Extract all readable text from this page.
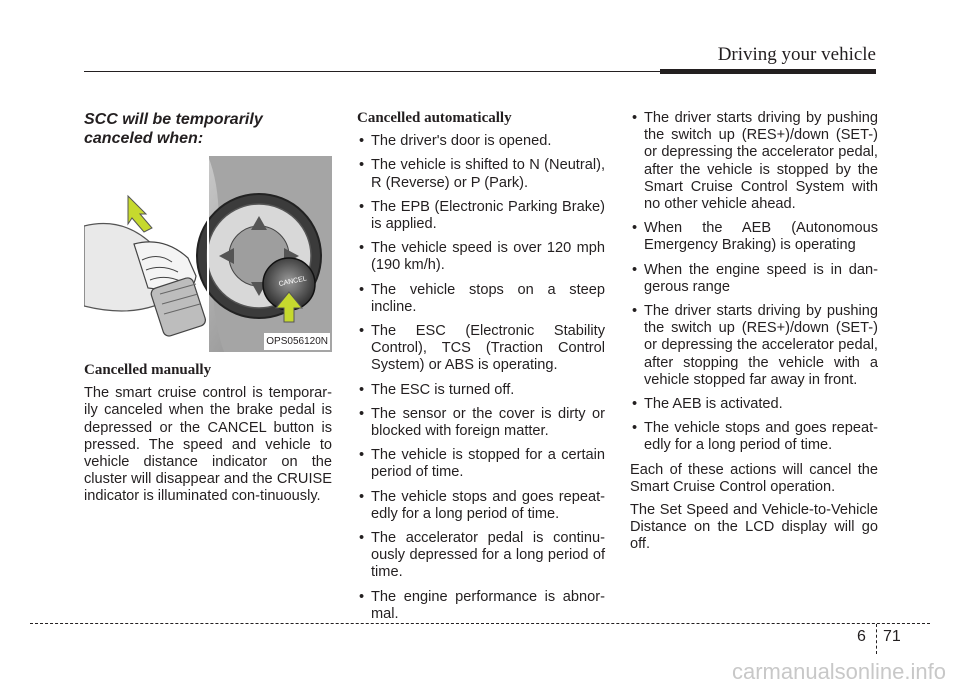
Driving your vehicle

SCC will be temporarily canceled when:

CANCEL
OPS056120N

Cancelled manually

The smart cruise control is temporar-ily canceled when the brake pedal is depressed or the CANCEL button is pressed. The speed and vehicle to vehicle distance indicator on the cluster will disappear and the CRUISE indicator is illuminated con-tinuously.

Cancelled automatically

• The driver's door is opened.
• The vehicle is shifted to N (Neutral), R (Reverse) or P (Park).
• The EPB (Electronic Parking Brake) is applied.
• The vehicle speed is over 120 mph (190 km/h).
• The vehicle stops on a steep incline.
• The ESC (Electronic Stability Control), TCS (Traction Control System) or ABS is operating.
• The ESC is turned off.
• The sensor or the cover is dirty or blocked with foreign matter.
• The vehicle is stopped for a certain period of time.
• The vehicle stops and goes repeat-edly for a long period of time.
• The accelerator pedal is continu-ously depressed for a long period of time.
• The engine performance is abnor-mal.
• The driver starts driving by pushing the switch up (RES+)/down (SET-) or depressing the accelerator pedal, after the vehicle is stopped by the Smart Cruise Control System with no other vehicle ahead.
• When the AEB (Autonomous Emergency Braking) is operating
• When the engine speed is in dan-gerous range
• The driver starts driving by pushing the switch up (RES+)/down (SET-) or depressing the accelerator pedal, after stopping the vehicle with a vehicle stopped far away in front.
• The AEB is activated.
• The vehicle stops and goes repeat-edly for a long period of time.

Each of these actions will cancel the Smart Cruise Control operation.

The Set Speed and Vehicle-to-Vehicle Distance on the LCD display will go off.

6 71
carmanualsonline.info
